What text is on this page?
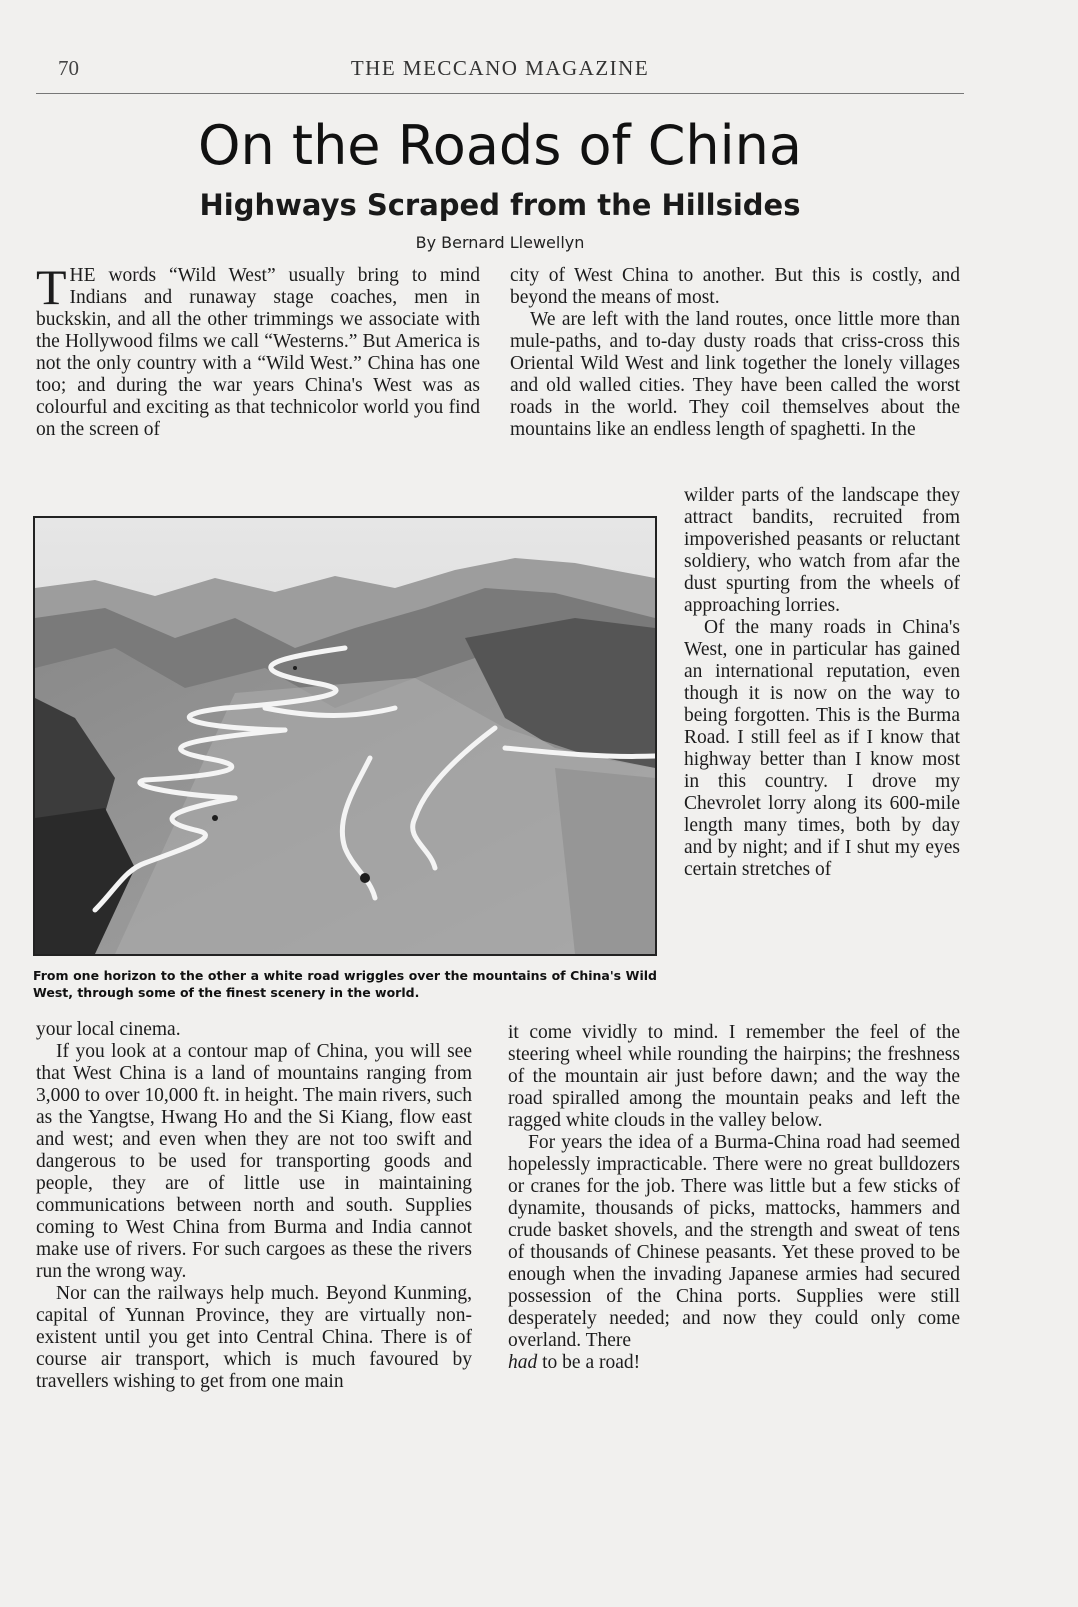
70	THE MECCANO MAGAZINE
On the Roads of China
Highways Scraped from the Hillsides
By Bernard Llewellyn

THE words “Wild West” usually bring to mind Indians and runaway stage coaches, men in buckskin, and all the other trimmings we associate with the Hollywood films we call “Westerns.” But America is not the only country with a “Wild West.” China has one too; and during the war years China's West was as colourful and exciting as that technicolor world you find on the screen of

city of West China to another. But this is costly, and beyond the means of most.

We are left with the land routes, once little more than mule-paths, and to-day dusty roads that criss-cross this Oriental Wild West and link together the lonely villages and old walled cities. They have been called the worst roads in the world. They coil themselves about the mountains like an endless length of spaghetti. In the

wilder parts of the landscape they attract bandits, recruited from impoverished peasants or reluctant soldiery, who watch from afar the dust spurting from the wheels of approaching lorries.

Of the many roads in China's West, one in particular has gained an international reputation, even though it is now on the way to being forgotten. This is the Burma Road. I still feel as if I know that highway better than I know most in this country. I drove my Chevrolet lorry along its 600-mile length many times, both by day and by night; and if I shut my eyes certain stretches of

From one horizon to the other a white road wriggles over the mountains of China's Wild West, through some of the finest scenery in the world.

your local cinema.

If you look at a contour map of China, you will see that West China is a land of mountains ranging from 3,000 to over 10,000 ft. in height. The main rivers, such as the Yangtse, Hwang Ho and the Si Kiang, flow east and west; and even when they are not too swift and dangerous to be used for transporting goods and people, they are of little use in maintaining communications between north and south. Supplies coming to West China from Burma and India cannot make use of rivers. For such cargoes as these the rivers run the wrong way.

Nor can the railways help much. Beyond Kunming, capital of Yunnan Province, they are virtually non-existent until you get into Central China. There is of course air transport, which is much favoured by travellers wishing to get from one main

it come vividly to mind. I remember the feel of the steering wheel while rounding the hairpins; the freshness of the mountain air just before dawn; and the way the road spiralled among the mountain peaks and left the ragged white clouds in the valley below.

For years the idea of a Burma-China road had seemed hopelessly impracticable. There were no great bulldozers or cranes for the job. There was little but a few sticks of dynamite, thousands of picks, mattocks, hammers and crude basket shovels, and the strength and sweat of tens of thousands of Chinese peasants. Yet these proved to be enough when the invading Japanese armies had secured possession of the China ports. Supplies were still desperately needed; and now they could only come overland. There
had to be a road!
